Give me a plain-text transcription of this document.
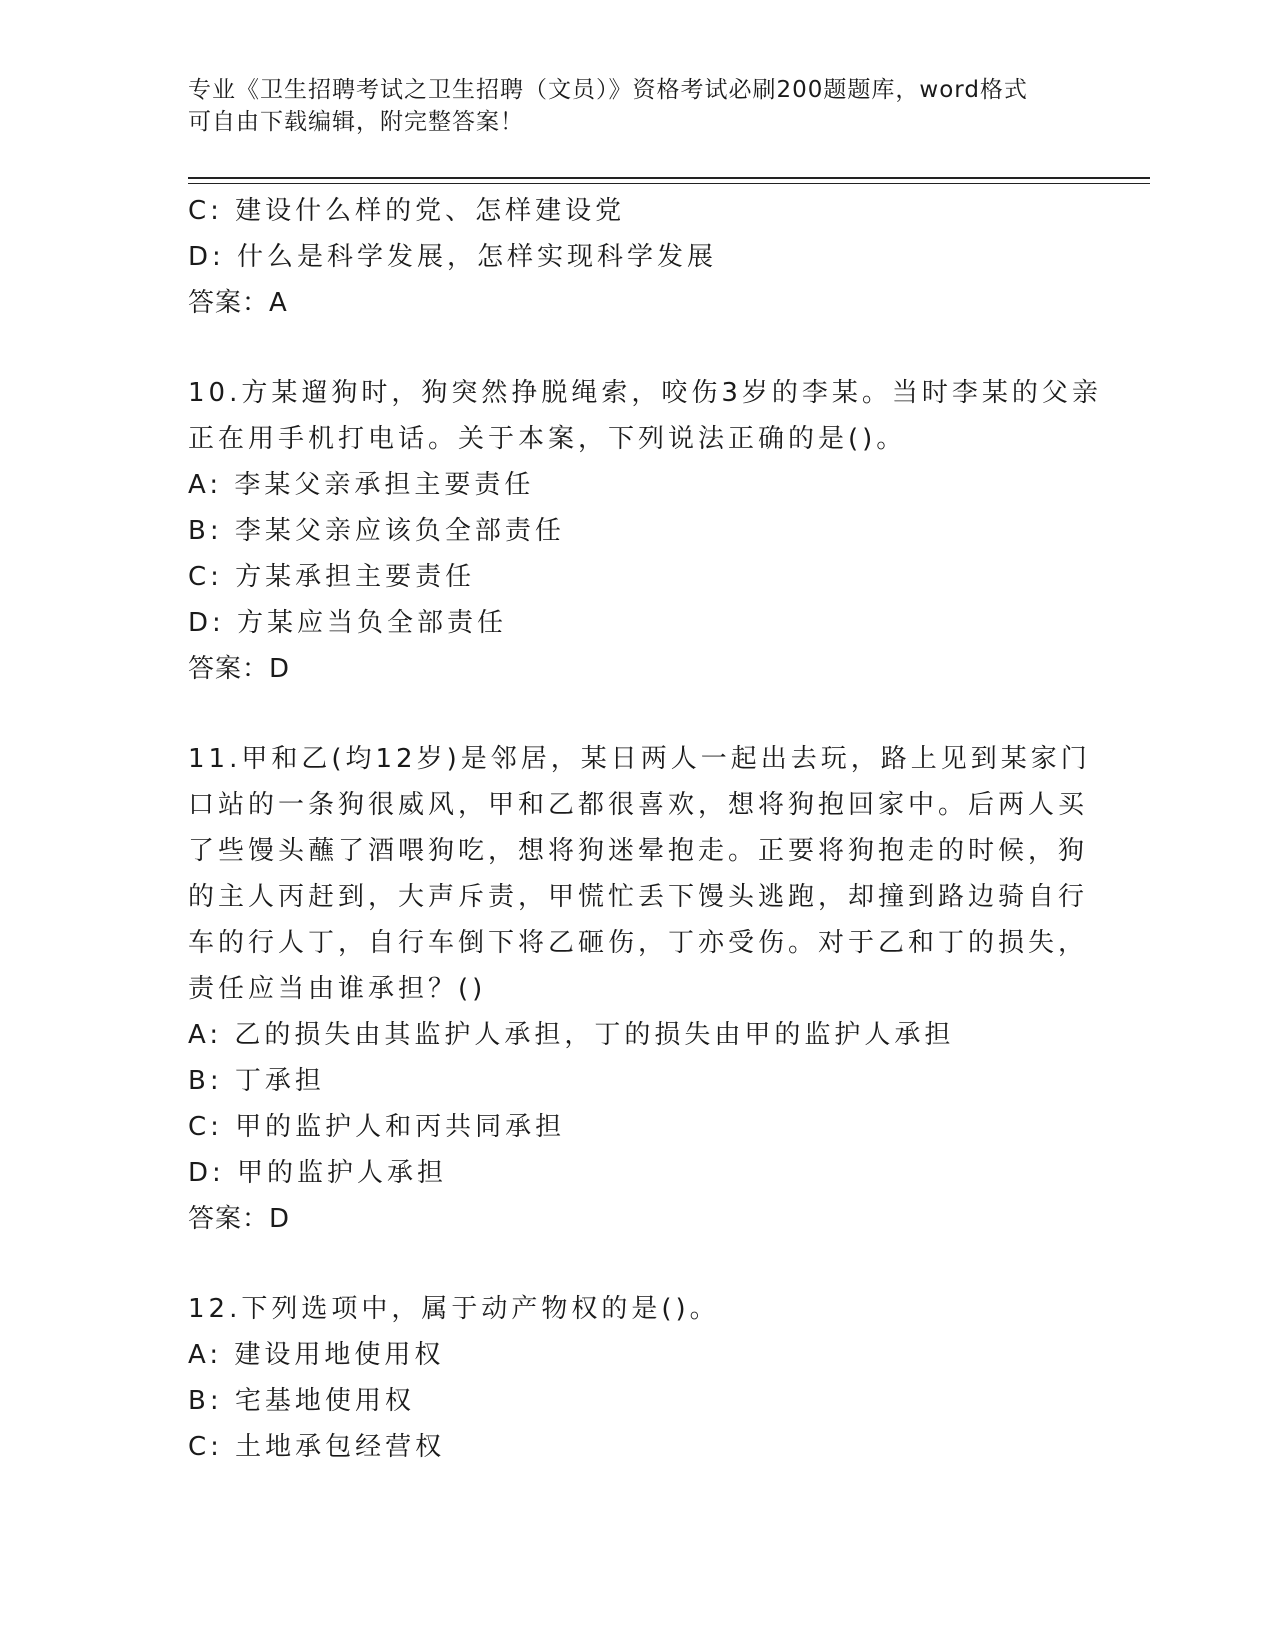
专业《卫生招聘考试之卫生招聘（文员）》资格考试必刷200题题库，word格式
可自由下载编辑，附完整答案！
C: 建设什么样的党、怎样建设党
D: 什么是科学发展，怎样实现科学发展
答案：A
10.方某遛狗时，狗突然挣脱绳索，咬伤3岁的李某。当时李某的父亲
正在用手机打电话。关于本案，下列说法正确的是()。
A: 李某父亲承担主要责任
B: 李某父亲应该负全部责任
C: 方某承担主要责任
D: 方某应当负全部责任
答案：D
11.甲和乙(均12岁)是邻居，某日两人一起出去玩，路上见到某家门
口站的一条狗很威风，甲和乙都很喜欢，想将狗抱回家中。后两人买
了些馒头蘸了酒喂狗吃，想将狗迷晕抱走。正要将狗抱走的时候，狗
的主人丙赶到，大声斥责，甲慌忙丢下馒头逃跑，却撞到路边骑自行
车的行人丁，自行车倒下将乙砸伤，丁亦受伤。对于乙和丁的损失，
责任应当由谁承担？()
A: 乙的损失由其监护人承担，丁的损失由甲的监护人承担
B: 丁承担
C: 甲的监护人和丙共同承担
D: 甲的监护人承担
答案：D
12.下列选项中，属于动产物权的是()。
A: 建设用地使用权
B: 宅基地使用权
C: 土地承包经营权
